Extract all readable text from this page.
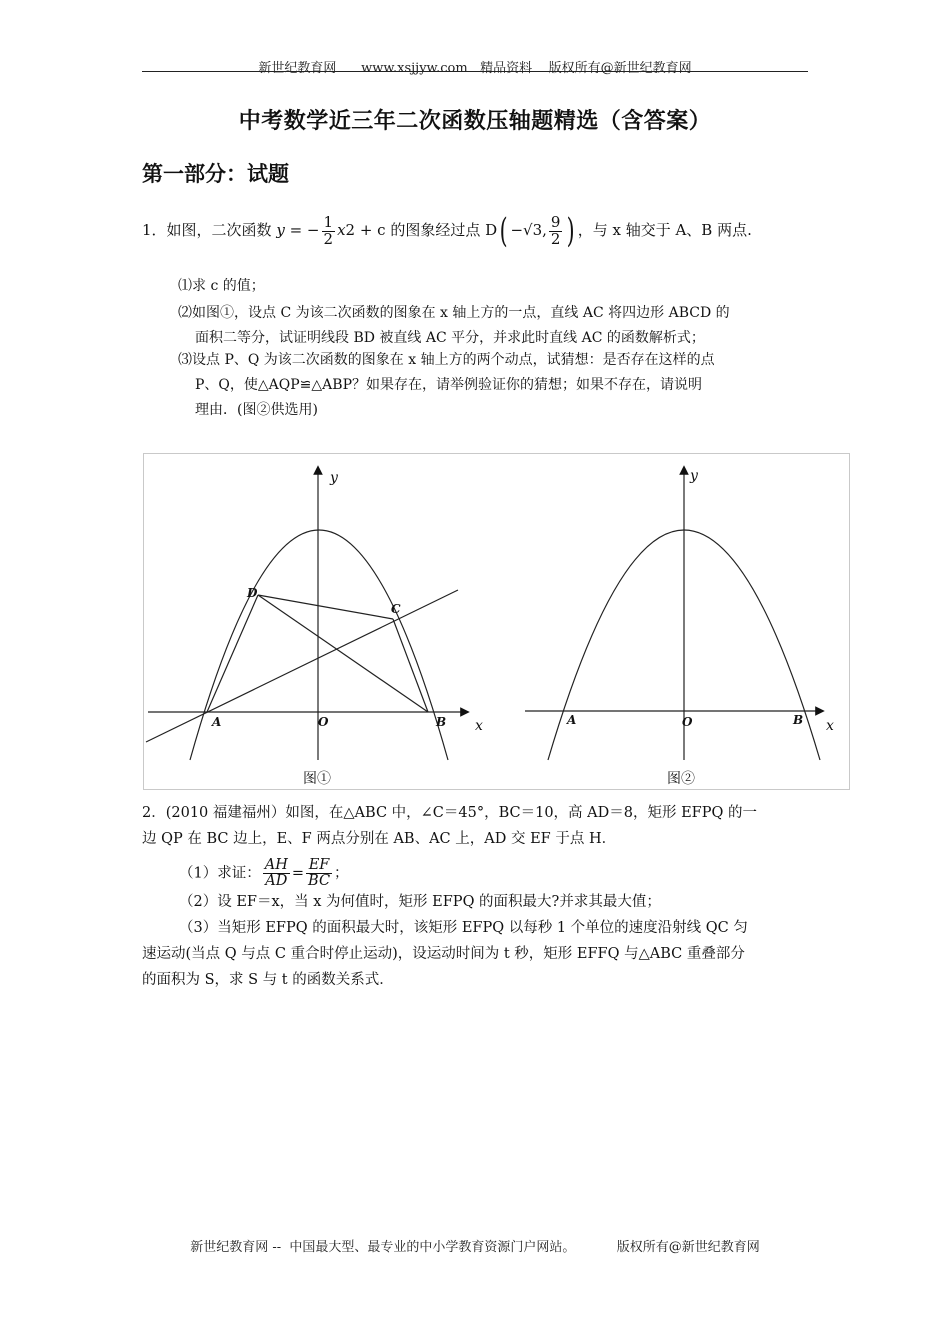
新世纪教育网      www.xsjjyw.com   精品资料    版权所有@新世纪教育网
中考数学近三年二次函数压轴题精选（含答案）
第一部分：试题
1．如图，二次函数 y = − $\frac{1}{2} x2 + c$ 的图象经过点 D( −√3, $\frac{9}{2}$ ) ，与 x 轴交于 A、B 两点.
⑴求 c 的值；
⑵如图①，设点 C 为该二次函数的图象在 x 轴上方的一点，直线 AC 将四边形 ABCD 的
面积二等分，试证明线段 BD 被直线 AC 平分，并求此时直线 AC 的函数解析式；
⑶设点 P、Q 为该二次函数的图象在 x 轴上方的两个动点，试猜想：是否存在这样的点
P、Q，使△AQP≌△ABP？如果存在，请举例验证你的猜想；如果不存在，请说明
理由．(图②供选用)
y
x
O
A	B
C
D
图①
y
x
O
A	B
图②
2．(2010 福建福州）如图，在△ABC 中，∠C＝45°，BC＝10，高 AD＝8，矩形 EFPQ 的一
边 QP 在 BC 边上，E、F 两点分别在 AB、AC 上，AD 交 EF 于点 H．
（1）求证： $\frac{AH}{AD} = \frac{EF}{BC}$ ；
（2）设 EF＝x，当 x 为何值时，矩形 EFPQ 的面积最大?并求其最大值；
（3）当矩形 EFPQ 的面积最大时，该矩形 EFPQ 以每秒 1 个单位的速度沿射线 QC 匀
速运动(当点 Q 与点 C 重合时停止运动)，设运动时间为 t 秒，矩形 EFFQ 与△ABC 重叠部分
的面积为 S，求 S 与 t 的函数关系式．
新世纪教育网 --  中国最大型、最专业的中小学教育资源门户网站。          版权所有@新世纪教育网
